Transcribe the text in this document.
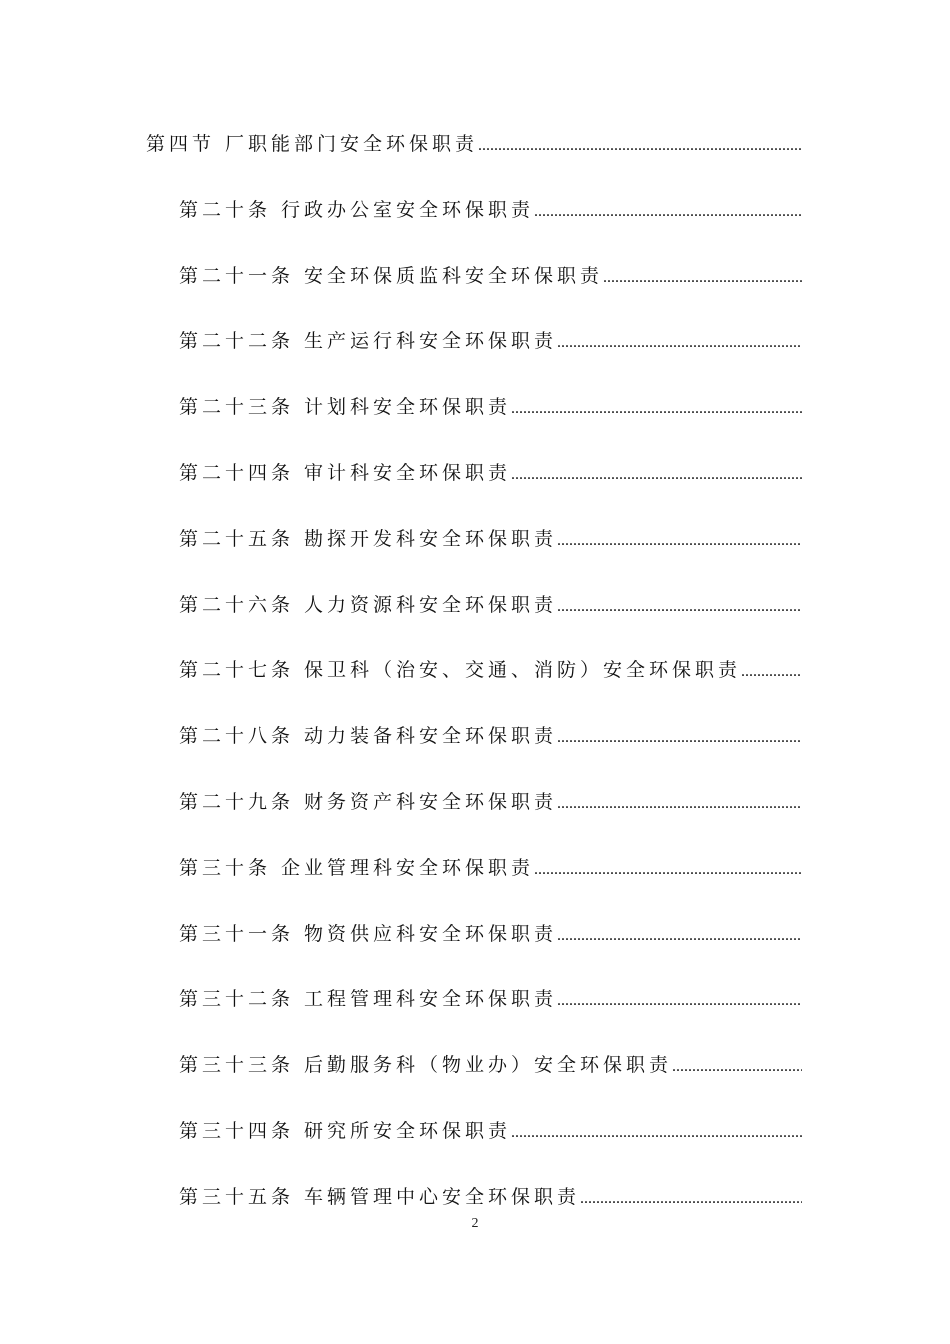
第四节 厂职能部门安全环保职责
.....
第二十条 行政办公室安全环保职责
.....
第二十一条 安全环保质监科安全环保职责
.....
第二十二条 生产运行科安全环保职责
.....
第二十三条 计划科安全环保职责
.....
第二十四条 审计科安全环保职责
.....
第二十五条 勘探开发科安全环保职责
.....
第二十六条 人力资源科安全环保职责
.....
第二十七条 保卫科（治安、交通、消防）安全环保职责
.....
第二十八条 动力装备科安全环保职责
.....
第二十九条 财务资产科安全环保职责
.....
第三十条 企业管理科安全环保职责
.....
第三十一条 物资供应科安全环保职责
.....
第三十二条 工程管理科安全环保职责
.....
第三十三条 后勤服务科（物业办）安全环保职责
.....
第三十四条 研究所安全环保职责
.....
第三十五条 车辆管理中心安全环保职责
.....
2
